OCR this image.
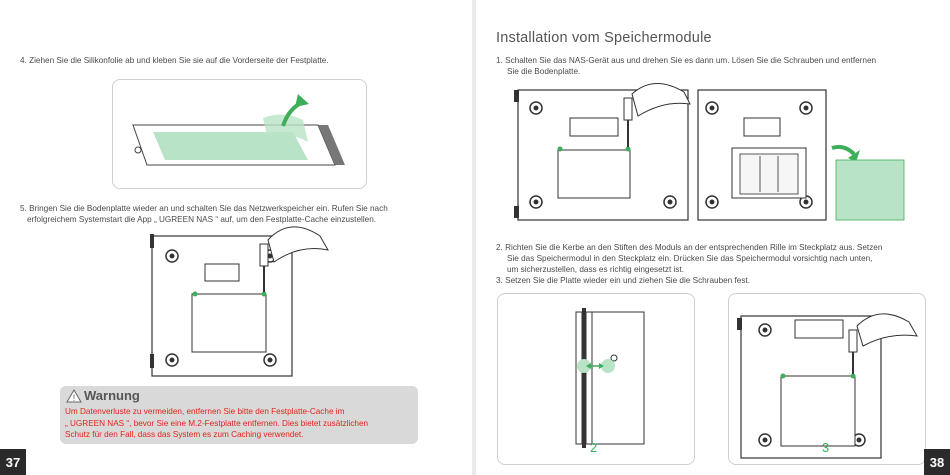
4. Ziehen Sie die Silikonfolie ab und kleben Sie sie auf die Vorderseite der Festplatte.
5. Bringen Sie die Bodenplatte wieder an und schalten Sie das Netzwerkspeicher ein. Rufen Sie nach
erfolgreichem Systemstart die App „ UGREEN NAS “ auf, um den Festplatte-Cache einzustellen.
! Warnung
Um Datenverluste zu vermeiden, entfernen Sie bitte den Festplatte-Cache im
„ UGREEN NAS “, bevor Sie eine M.2-Festplatte entfernen. Dies bietet zusätzlichen
Schutz für den Fall, dass das System es zum Caching verwendet.
37
Installation vom Speichermodule
1. Schalten Sie das NAS-Gerät aus und drehen Sie es dann um. Lösen Sie die Schrauben und entfernen
Sie die Bodenplatte.
2. Richten Sie die Kerbe an den Stiften des Moduls an der entsprechenden Rille im Steckplatz aus. Setzen
Sie das Speichermodul in den Steckplatz ein. Drücken Sie das Speichermodul vorsichtig nach unten,
um sicherzustellen, dass es richtig eingesetzt ist.
3. Setzen Sie die Platte wieder ein und ziehen Sie die Schrauben fest.
2	3
38
